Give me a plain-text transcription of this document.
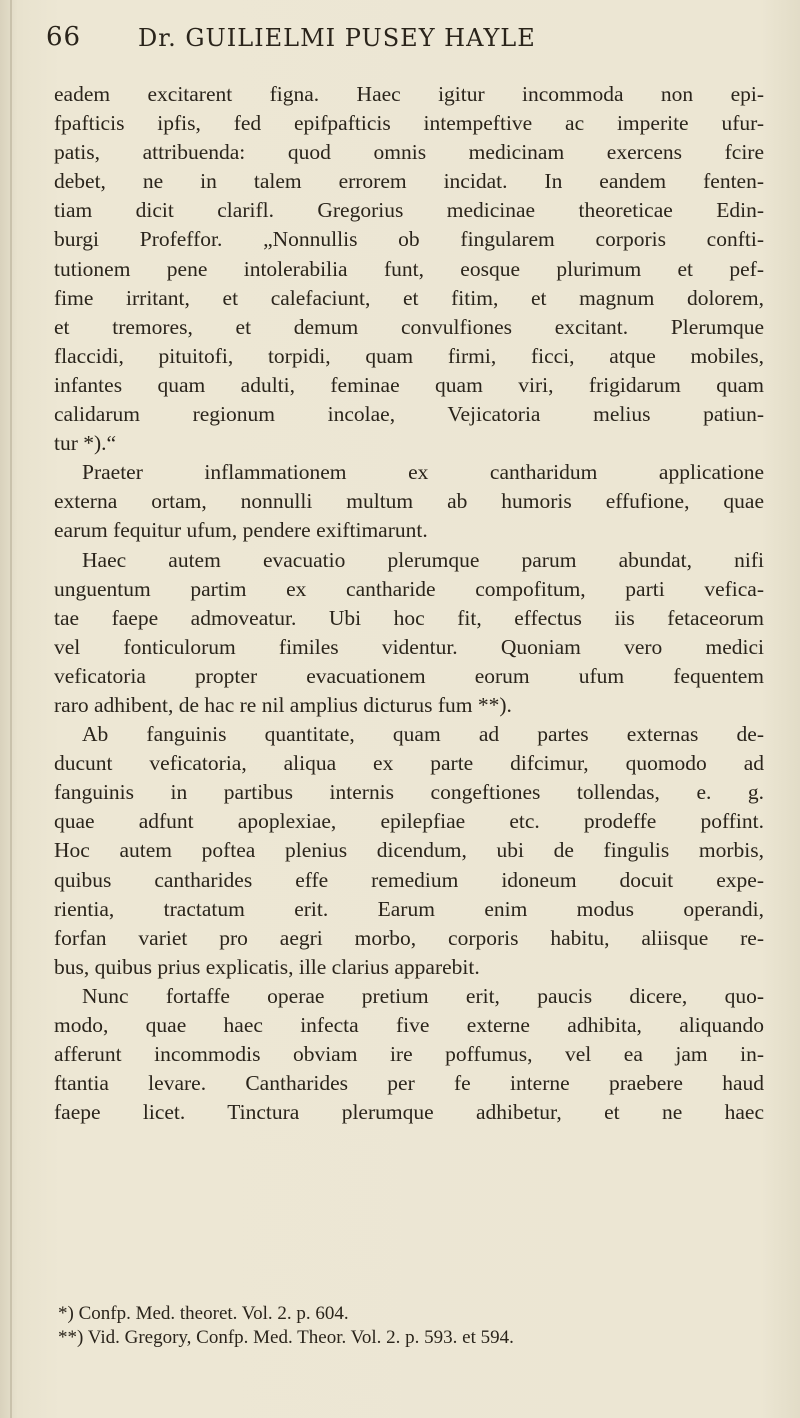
66 Dr. GUILIELMI PUSEY HAYLE
eadem excitarent figna. Haec igitur incommoda non epi-
fpafticis ipfis, fed epifpafticis intempeftive ac imperite ufur-
patis, attribuenda: quod omnis medicinam exercens fcire
debet, ne in talem errorem incidat. In eandem fenten-
tiam dicit clarifl. Gregorius medicinae theoreticae Edin-
burgi Profeffor. „Nonnullis ob fingularem corporis confti-
tutionem pene intolerabilia funt, eosque plurimum et pef-
fime irritant, et calefaciunt, et fitim, et magnum dolorem,
et tremores, et demum convulfiones excitant. Plerumque
flaccidi, pituitofi, torpidi, quam firmi, ficci, atque mobiles,
infantes quam adulti, feminae quam viri, frigidarum quam
calidarum regionum incolae, Vejicatoria melius patiun-
tur *).“
Praeter inflammationem ex cantharidum applicatione
externa ortam, nonnulli multum ab humoris effufione, quae
earum fequitur ufum, pendere exiftimarunt.
Haec autem evacuatio plerumque parum abundat, nifi
unguentum partim ex cantharide compofitum, parti vefica-
tae faepe admoveatur. Ubi hoc fit, effectus iis fetaceorum
vel fonticulorum fimiles videntur. Quoniam vero medici
veficatoria propter evacuationem eorum ufum fequentem
raro adhibent, de hac re nil amplius dicturus fum **).
Ab fanguinis quantitate, quam ad partes externas de-
ducunt veficatoria, aliqua ex parte difcimur, quomodo ad
fanguinis in partibus internis congeftiones tollendas, e. g.
quae adfunt apoplexiae, epilepfiae etc. prodeffe poffint.
Hoc autem poftea plenius dicendum, ubi de fingulis morbis,
quibus cantharides effe remedium idoneum docuit expe-
rientia, tractatum erit. Earum enim modus operandi,
forfan variet pro aegri morbo, corporis habitu, aliisque re-
bus, quibus prius explicatis, ille clarius apparebit.
Nunc fortaffe operae pretium erit, paucis dicere, quo-
modo, quae haec infecta five externe adhibita, aliquando
afferunt incommodis obviam ire poffumus, vel ea jam in-
ftantia levare. Cantharides per fe interne praebere haud
faepe licet. Tinctura plerumque adhibetur, et ne haec
*) Confp. Med. theoret. Vol. 2. p. 604.
**) Vid. Gregory, Confp. Med. Theor. Vol. 2. p. 593. et 594.
